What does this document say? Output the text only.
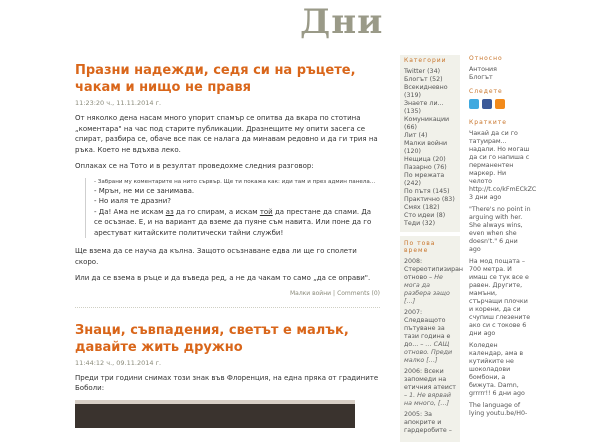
Дни
Празни надежди, седя си на ръцете, чакам и нищо не правя
11:23:20 ч., 11.11.2014 г.

От няколко дена насам много упорит спамър се опитва да вкара по стотина „коментара" на час под старите публикации. Дразнещите му опити засега се спират, разбира се, обаче все пак се налага да минавам редовно и да ги трия на ръка. Което не вдъхва леко.

Оплаках се на Тото и в резултат проведохме следния разговор:

- Забрани му коментарите на нито сървър. Ще ти покажа как: иди там и през админ панела...
- Мрън, не ми се занимава.
- Но иаля те дразни?
- Да! Ама не искам аз да го спирам, а искам той да престане да спами. Да се осъзнае. Е, и на вариант да вземе да пуяне съм навита. Или поне да го арестуват китайските политически тайни служби!

Ще взема да се науча да кълна. Защото осъзнаване едва ли ще го сполети скоро.

Или да се взема в ръце и да въведа ред, а не да чакам то само „да се оправи".

Малки войни | Comments (0)
Знаци, съвпадения, светът е малък, давайте жить дружно
11:44:12 ч., 09.11.2014 г.

Преди три години снимах този знак във Флоренция, на една пряка от градините Боболи:

Категории
Twitter (34)
Блогът (52)
Всекидневно (319)
Знаете ли... (135)
Комуникации (66)
Лит (4)
Малки войни (120)
Нещица (20)
Пазарно (76)
По мрежата (242)
По пътя (145)
Практично (83)
Смях (182)
Сто идеи (8)
Теди (32)
По това време
2008: Стереотипизиран отново – Не мога да разбера защо […]
2007: Следващото пътуване за тази година е до... – … САЩ отново. Преди малко […]
2006: Всеки запомеди на етичния атеист – 1. Не вярвай на много, […]
2005: За апокрите и гардеробите –
Относно
Антония
Блогът
Следете
Кратките
Чакай да си го татуирам... надали. Но могаш да си го напиша с перманентен маркер. Ни челото http://t.co/kFmECkZC 3 дни ago
"There's no point in arguing with her. She always wins, even when she doesn't." 6 дни ago
На мод пощата – 700 метра. И имаш се тук все е равен. Другите, мамъни, стърчащи плочки и корени, да си счупиш глезените ако си с токове 6 дни ago
Коледен календар, ама в кутийките не шоколадови бомбони, а бижута. Damn, grrrrr!! 6 дни ago
The language of lying youtu.be/H0-
